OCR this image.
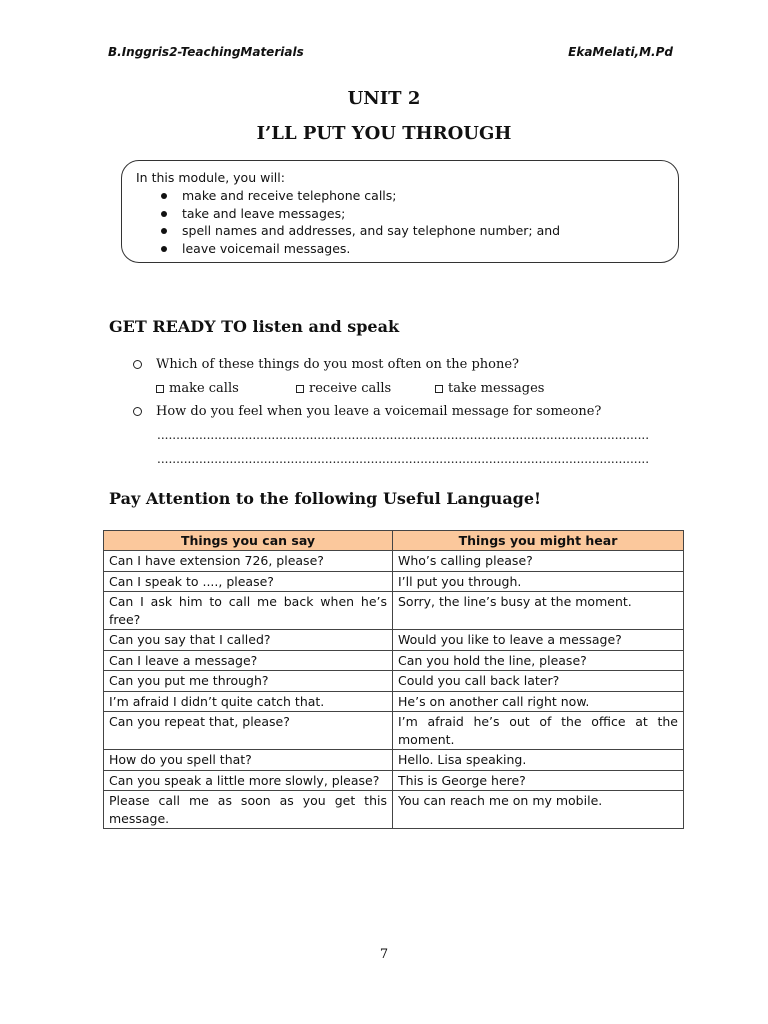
B.Inggris2-TeachingMaterials	EkaMelati,M.Pd
UNIT 2
I’LL PUT YOU THROUGH

In this module, you will:

make and receive telephone calls;
take and leave messages;
spell names and addresses, and say telephone number; and
leave voicemail messages.
GET READY TO listen and speak
Which of these things do you most often on the phone?
make calls	receive calls	take messages
How do you feel when you leave a voicemail message for someone?
.................................................................................................................................
.................................................................................................................................
Pay Attention to the following Useful Language!
Things you can say	Things you might hear
Can I have extension 726, please?	Who’s calling please?
Can I speak to ...., please?	I’ll put you through.
Can I ask him to call me back when he’s free?	Sorry, the line’s busy at the moment.
Can you say that I called?	Would you like to leave a message?
Can I leave a message?	Can you hold the line, please?
Can you put me through?	Could you call back later?
I’m afraid I didn’t quite catch that.	He’s on another call right now.
Can you repeat that, please?	I’m afraid he’s out of the office at the moment.
How do you spell that?	Hello. Lisa speaking.
Can you speak a little more slowly, please?	This is George here?
Please call me as soon as you get this message.	You can reach me on my mobile.
7
